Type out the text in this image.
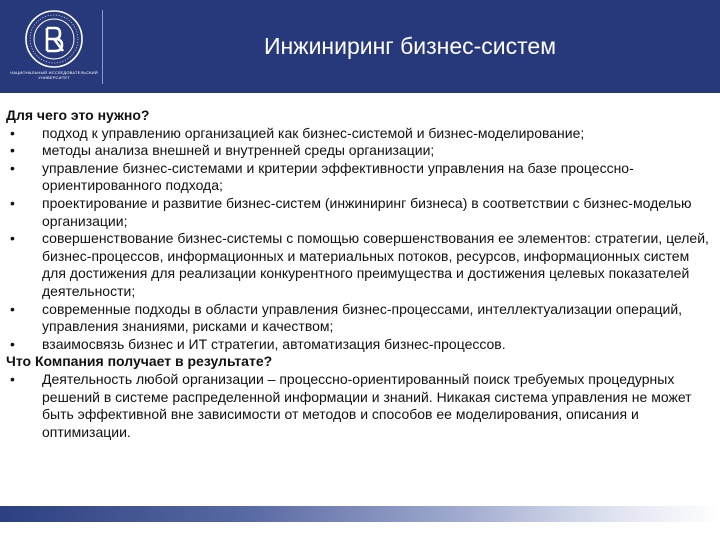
НАЦИОНАЛЬНЫЙ ИССЛЕДОВАТЕЛЬСКИЙ УНИВЕРСИТЕТ
Инжиниринг бизнес-систем

Для чего это нужно?

• подход к управлению организацией как бизнес-системой и бизнес-моделирование;
• методы анализа внешней и внутренней среды организации;
• управление бизнес-системами и критерии эффективности управления на базе процессно-ориентированного подхода;
• проектирование и развитие бизнес-систем (инжиниринг бизнеса) в соответствии с бизнес-моделью организации;
• совершенствование бизнес-системы с помощью совершенствования ее элементов: стратегии, целей, бизнес-процессов, информационных и материальных потоков, ресурсов, информационных систем для достижения для реализации конкурентного преимущества и достижения целевых показателей деятельности;
• современные подходы в области управления бизнес-процессами, интеллектуализации операций, управления знаниями, рисками и качеством;
• взаимосвязь бизнес и ИТ стратегии, автоматизация бизнес-процессов.

Что Компания получает в результате?

• Деятельность любой организации – процессно-ориентированный поиск требуемых процедурных решений в системе распределенной информации и знаний. Никакая система управления не может быть эффективной вне зависимости от методов и способов ее моделирования, описания и оптимизации.
